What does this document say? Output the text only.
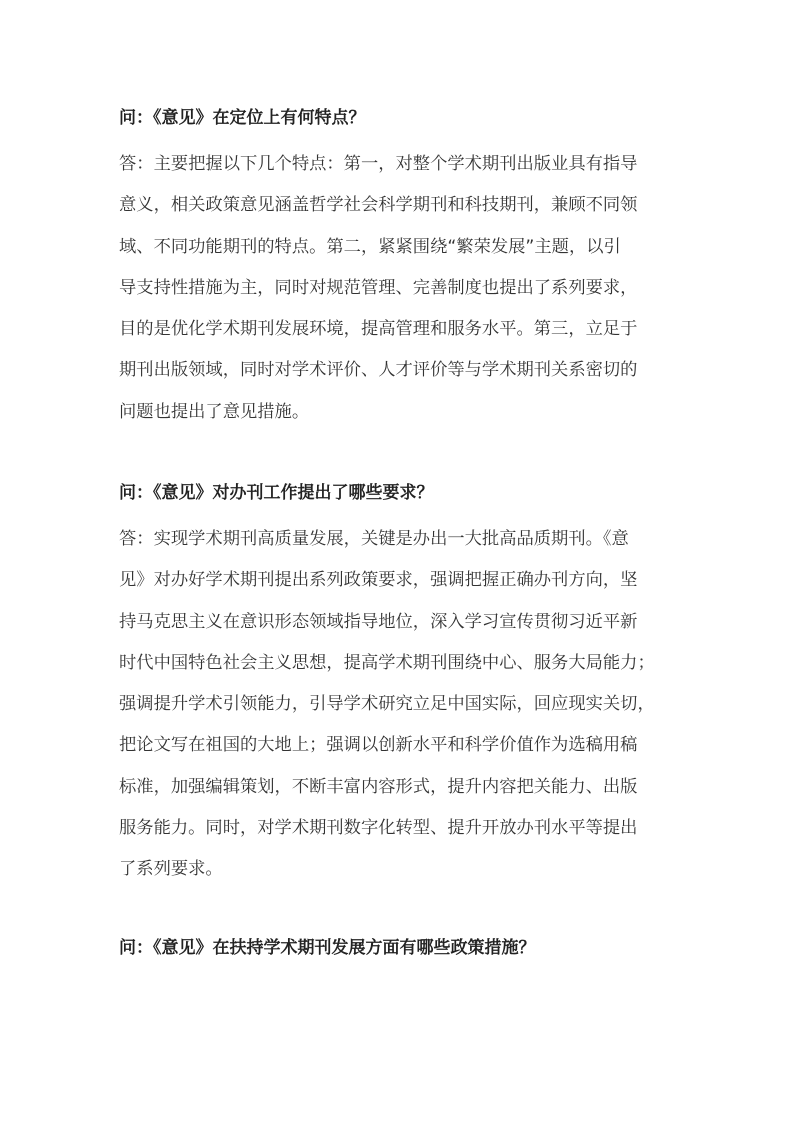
问：《意见》在定位上有何特点？

答：主要把握以下几个特点：第一，对整个学术期刊出版业具有指导
意义，相关政策意见涵盖哲学社会科学期刊和科技期刊，兼顾不同领
域、不同功能期刊的特点。第二，紧紧围绕“繁荣发展”主题，以引
导支持性措施为主，同时对规范管理、完善制度也提出了系列要求，
目的是优化学术期刊发展环境，提高管理和服务水平。第三，立足于
期刊出版领域，同时对学术评价、人才评价等与学术期刊关系密切的
问题也提出了意见措施。

问：《意见》对办刊工作提出了哪些要求？

答：实现学术期刊高质量发展，关键是办出一大批高品质期刊。《意
见》对办好学术期刊提出系列政策要求，强调把握正确办刊方向，坚
持马克思主义在意识形态领域指导地位，深入学习宣传贯彻习近平新
时代中国特色社会主义思想，提高学术期刊围绕中心、服务大局能力；
强调提升学术引领能力，引导学术研究立足中国实际，回应现实关切，
把论文写在祖国的大地上；强调以创新水平和科学价值作为选稿用稿
标准，加强编辑策划，不断丰富内容形式，提升内容把关能力、出版
服务能力。同时，对学术期刊数字化转型、提升开放办刊水平等提出
了系列要求。

问：《意见》在扶持学术期刊发展方面有哪些政策措施？
